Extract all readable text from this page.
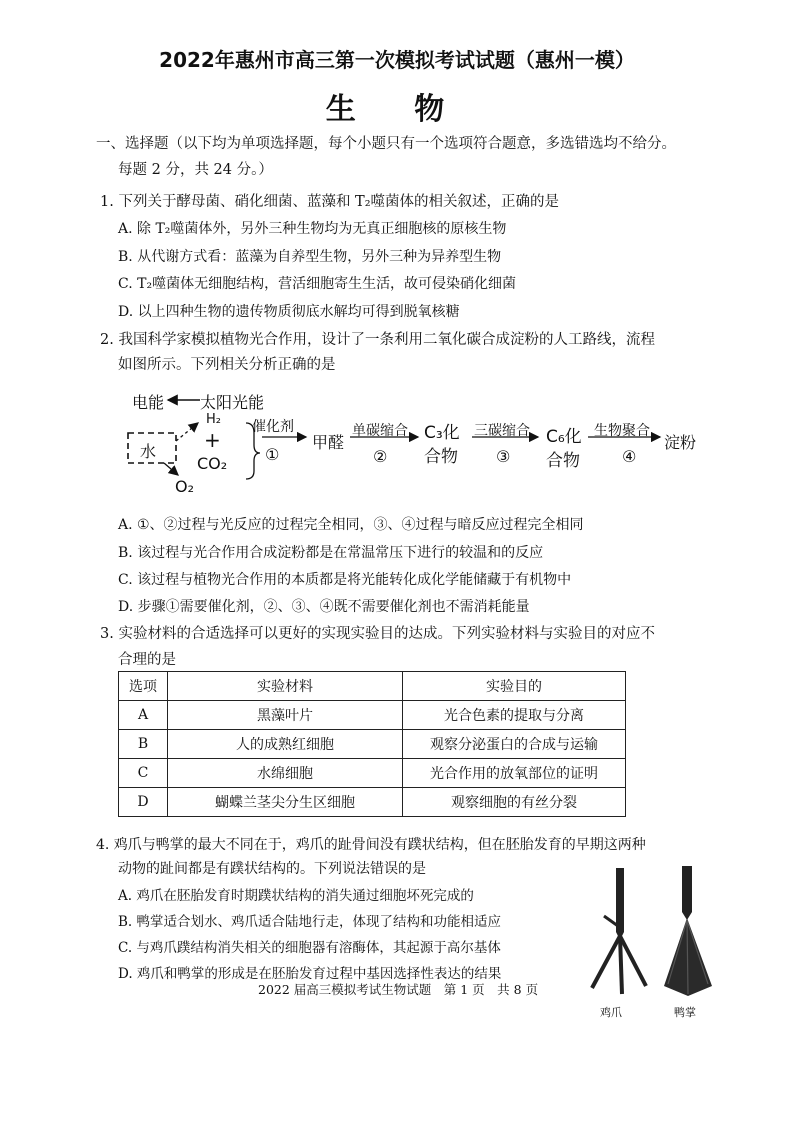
2022年惠州市高三第一次模拟考试试题（惠州一模）
生 物
一、选择题（以下均为单项选择题，每个小题只有一个选项符合题意，多选错选均不给分。
每题 2 分，共 24 分。）
1. 下列关于酵母菌、硝化细菌、蓝藻和 T₂噬菌体的相关叙述，正确的是
A. 除 T₂噬菌体外，另外三种生物均为无真正细胞核的原核生物
B. 从代谢方式看：蓝藻为自养型生物，另外三种为异养型生物
C. T₂噬菌体无细胞结构，营活细胞寄生生活，故可侵染硝化细菌
D. 以上四种生物的遗传物质彻底水解均可得到脱氧核糖
2. 我国科学家模拟植物光合作用，设计了一条利用二氧化碳合成淀粉的人工路线，流程
如图所示。下列相关分析正确的是
电能 太阳光能
水
H₂
+
CO₂
O₂
催化剂
①
甲醛
单碳缩合
②
C₃化
合物
三碳缩合
③
C₆化
合物
生物聚合
④
淀粉
A. ①、②过程与光反应的过程完全相同，③、④过程与暗反应过程完全相同
B. 该过程与光合作用合成淀粉都是在常温常压下进行的较温和的反应
C. 该过程与植物光合作用的本质都是将光能转化成化学能储藏于有机物中
D. 步骤①需要催化剂，②、③、④既不需要催化剂也不需消耗能量
3. 实验材料的合适选择可以更好的实现实验目的达成。下列实验材料与实验目的对应不
合理的是
选项	实验材料	实验目的
A	黑藻叶片	光合色素的提取与分离
B	人的成熟红细胞	观察分泌蛋白的合成与运输
C	水绵细胞	光合作用的放氧部位的证明
D	蝴蝶兰茎尖分生区细胞	观察细胞的有丝分裂
4. 鸡爪与鸭掌的最大不同在于，鸡爪的趾骨间没有蹼状结构，但在胚胎发育的早期这两种
动物的趾间都是有蹼状结构的。下列说法错误的是
A. 鸡爪在胚胎发育时期蹼状结构的消失通过细胞坏死完成的
B. 鸭掌适合划水、鸡爪适合陆地行走，体现了结构和功能相适应
C. 与鸡爪蹼结构消失相关的细胞器有溶酶体，其起源于高尔基体
D. 鸡爪和鸭掌的形成是在胚胎发育过程中基因选择性表达的结果
鸡爪	鸭掌
2022 届高三模拟考试生物试题　第 1 页　共 8 页
